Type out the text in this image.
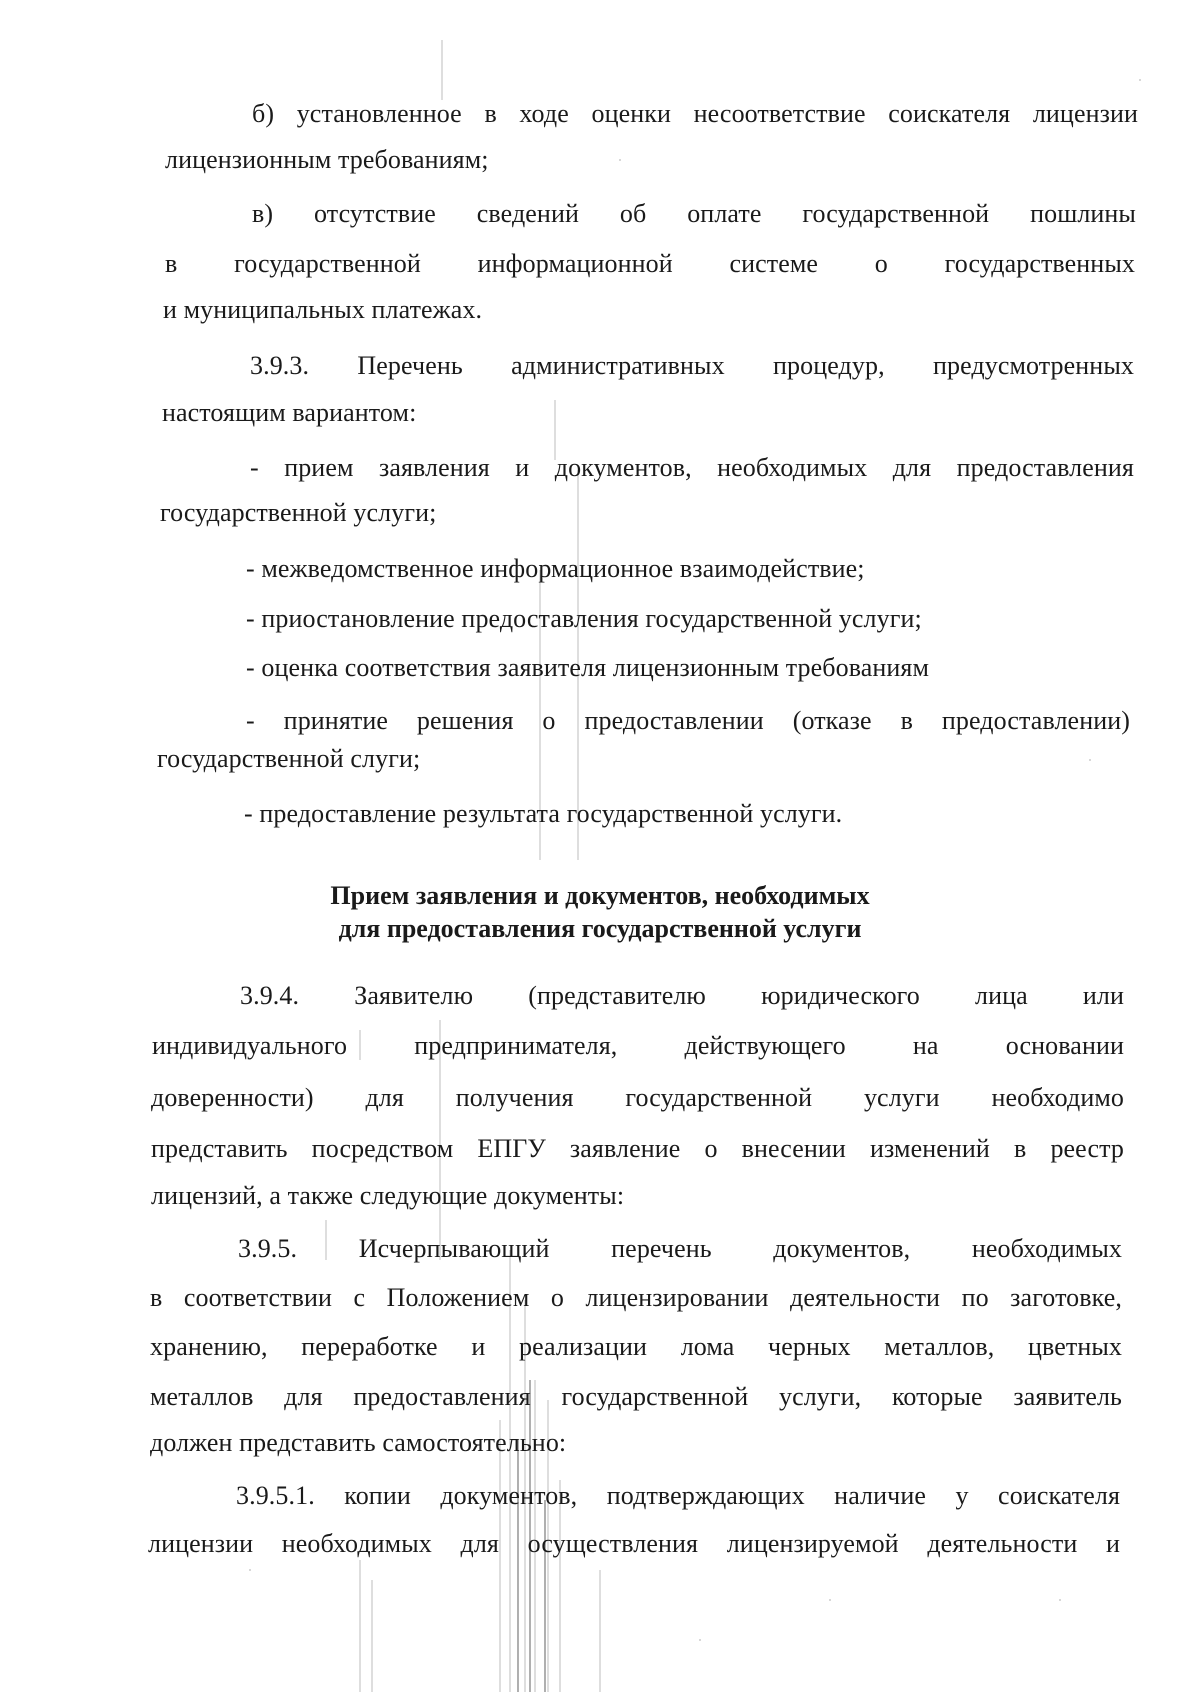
б) установленное в ходе оценки несоответствие соискателя лицензии

лицензионным требованиям;

в) отсутствие сведений об оплате государственной пошлины

в государственной информационной системе о государственных

и муниципальных платежах.

3.9.3. Перечень административных процедур, предусмотренных

настоящим вариантом:

- прием заявления и документов, необходимых для предоставления

государственной услуги;

- межведомственное информационное взаимодействие;

- приостановление предоставления государственной услуги;

- оценка соответствия заявителя лицензионным требованиям

- принятие решения о предоставлении (отказе в предоставлении)

государственной слуги;

- предоставление результата государственной услуги.

Прием заявления и документов, необходимых

для предоставления государственной услуги

3.9.4. Заявителю (представителю юридического лица или

индивидуального предпринимателя, действующего на основании

доверенности) для получения государственной услуги необходимо

представить посредством ЕПГУ заявление о внесении изменений в реестр

лицензий, а также следующие документы:

3.9.5. Исчерпывающий перечень документов, необходимых

в соответствии с Положением о лицензировании деятельности по заготовке,

хранению, переработке и реализации лома черных металлов, цветных

металлов для предоставления государственной услуги, которые заявитель

должен представить самостоятельно:

3.9.5.1. копии документов, подтверждающих наличие у соискателя

лицензии необходимых для осуществления лицензируемой деятельности и
